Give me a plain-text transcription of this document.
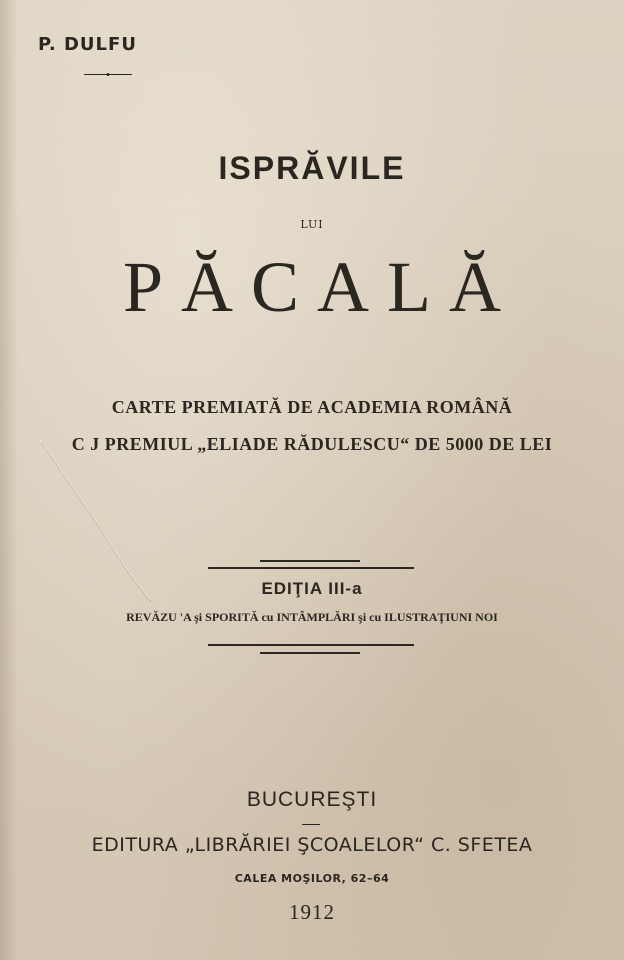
P. DULFU
ISPRĂVILE
LUI
PĂCALĂ
CARTE PREMIATĂ DE ACADEMIA ROMÂNĂ
C J PREMIUL „ELIADE RĂDULESCU“ DE 5000 DE LEI
EDIŢIA III-a
REVĂZU 'A şi SPORITĂ cu INTÂMPLĂRI şi cu ILUSTRAŢIUNI NOI
BUCUREŞTI
EDITURA „LIBRĂRIEI ŞCOALELOR“ C. SFETEA
CALEA MOŞILOR, 62–64
1912
